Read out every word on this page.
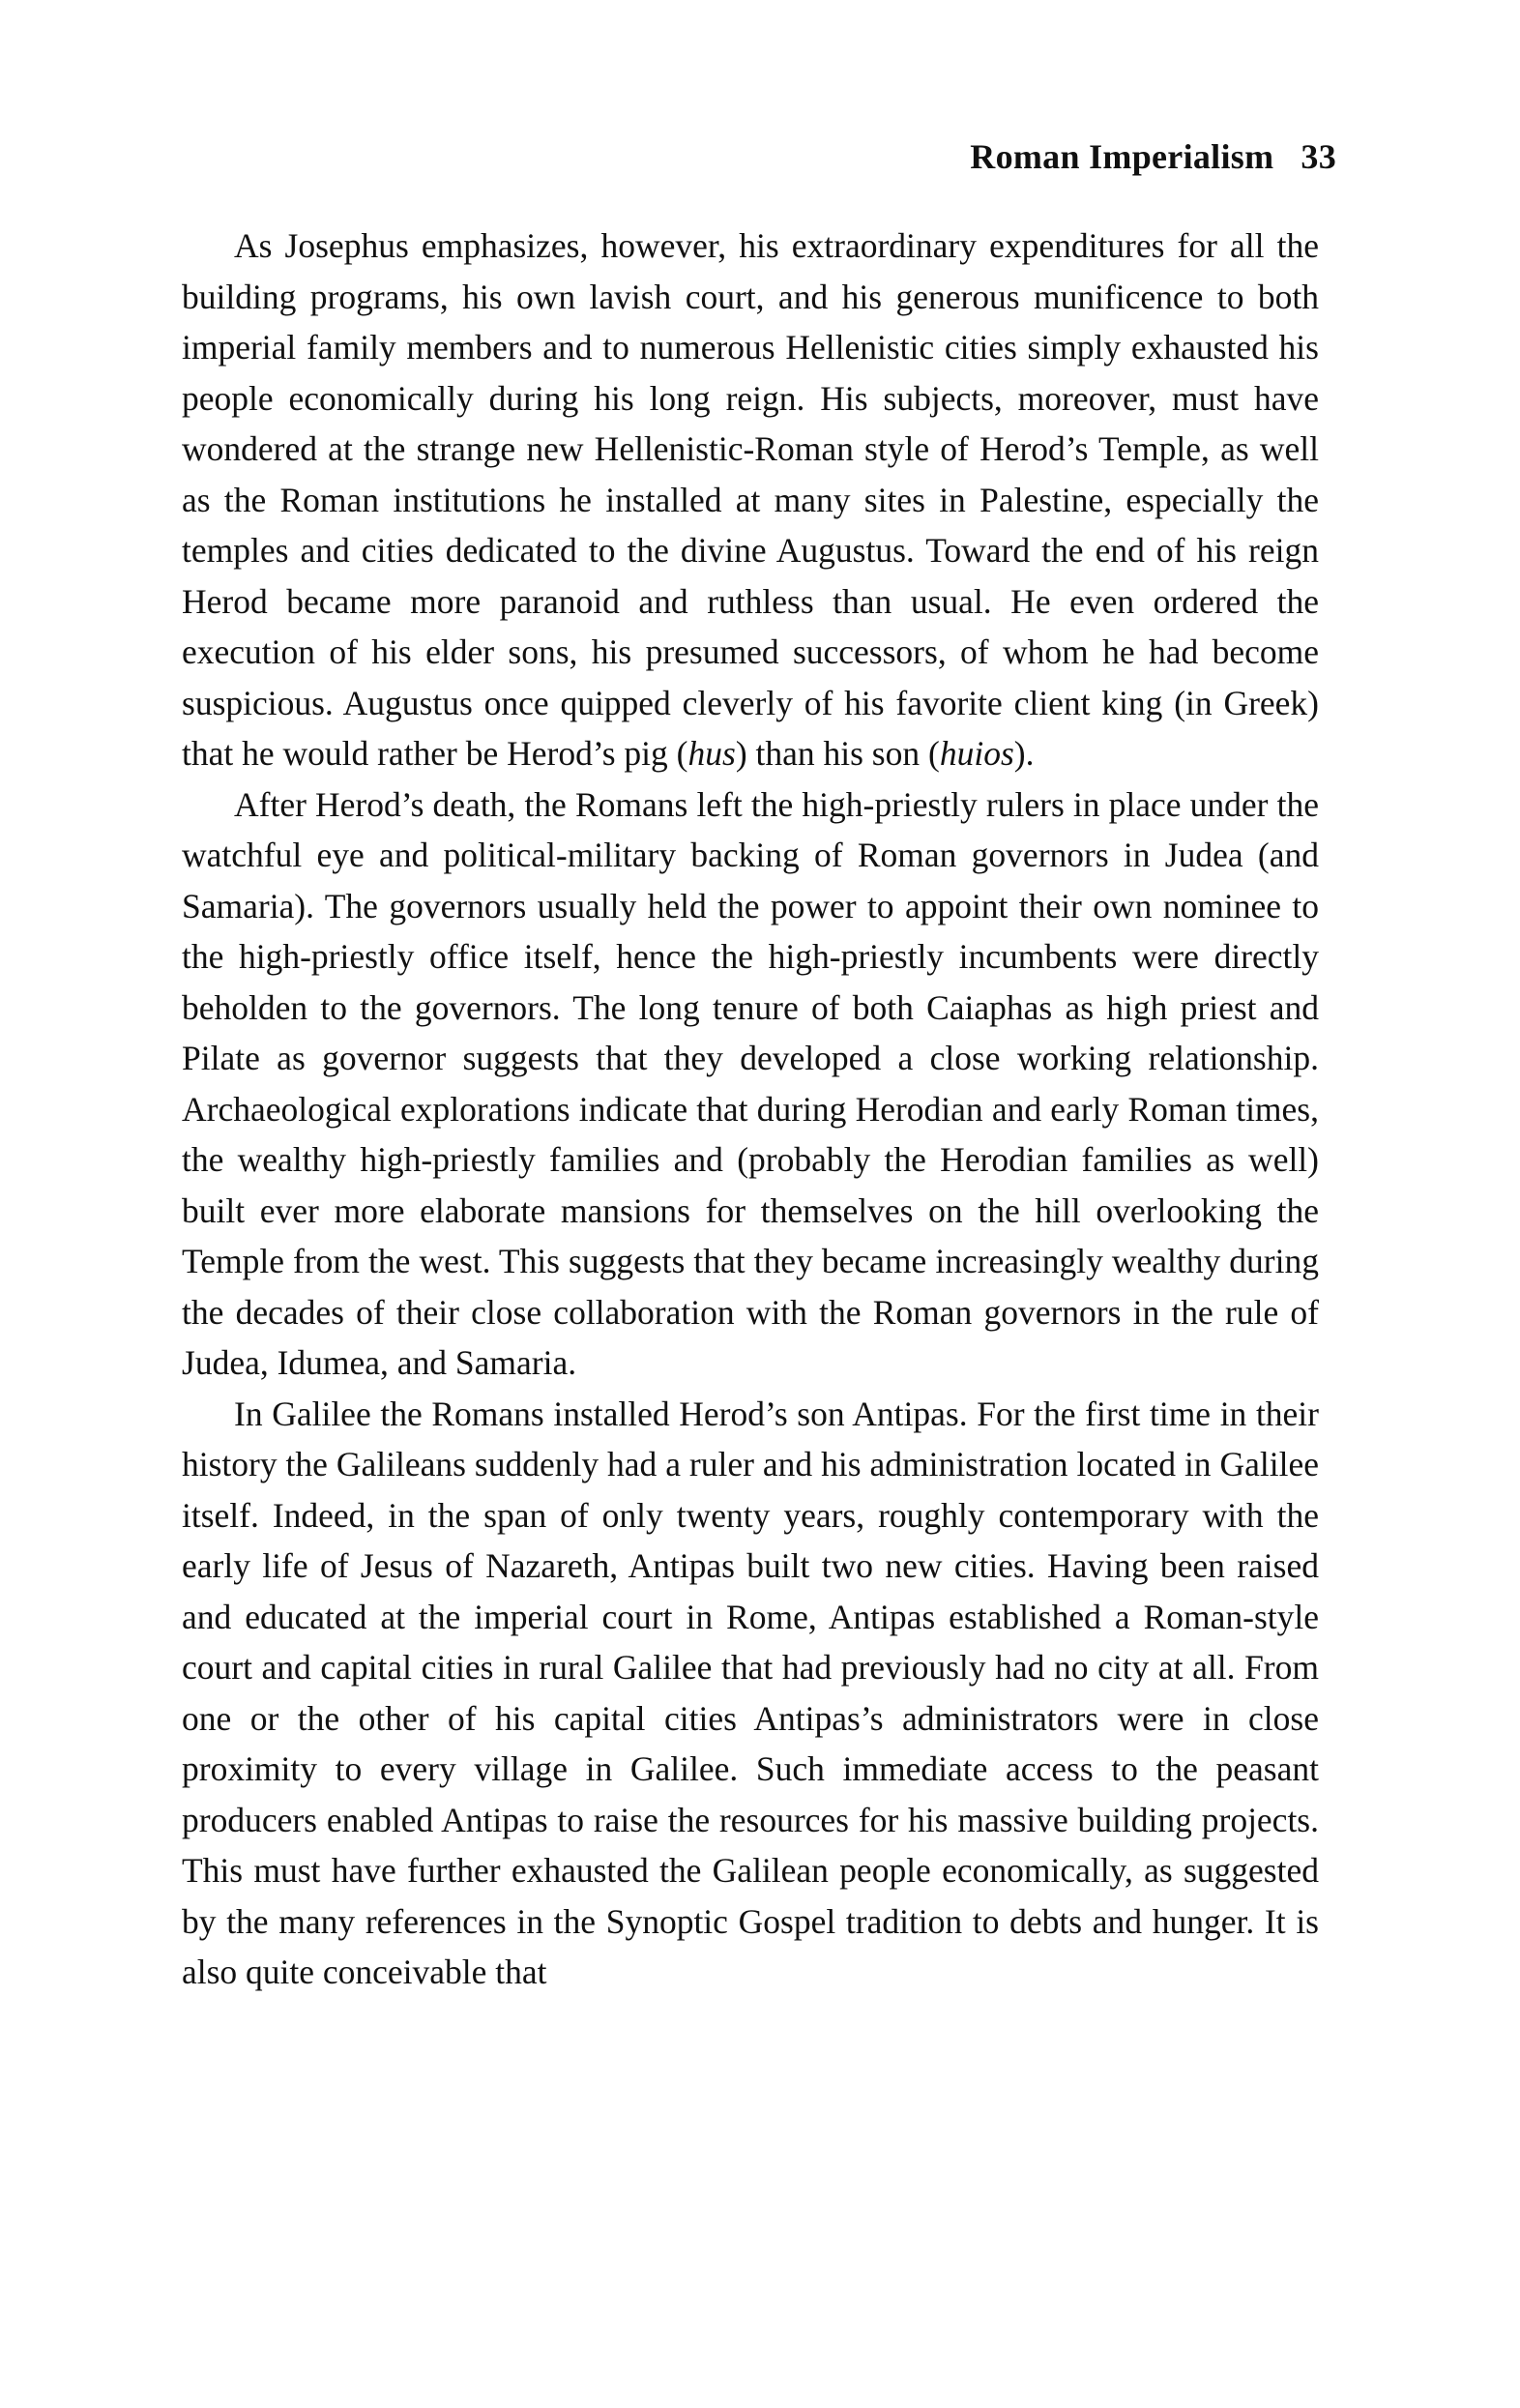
Roman Imperialism 33

As Josephus emphasizes, however, his extraordinary expenditures for all the building programs, his own lavish court, and his generous munificence to both imperial family members and to numerous Hellenistic cities simply exhausted his people economically during his long reign. His subjects, moreover, must have wondered at the strange new Hellenistic-Roman style of Herod’s Temple, as well as the Roman institutions he installed at many sites in Palestine, especially the temples and cities dedicated to the divine Augustus. Toward the end of his reign Herod became more paranoid and ruthless than usual. He even ordered the execution of his elder sons, his presumed successors, of whom he had become suspicious. Augustus once quipped cleverly of his favorite client king (in Greek) that he would rather be Herod’s pig (hus) than his son (huios).

After Herod’s death, the Romans left the high-priestly rulers in place under the watchful eye and political-military backing of Roman governors in Judea (and Samaria). The governors usually held the power to appoint their own nominee to the high-priestly office itself, hence the high-priestly incumbents were directly beholden to the governors. The long tenure of both Caiaphas as high priest and Pilate as governor suggests that they developed a close working relationship. Archaeological explorations indicate that during Herodian and early Roman times, the wealthy high-priestly families and (probably the Herodian families as well) built ever more elaborate mansions for themselves on the hill overlooking the Temple from the west. This suggests that they became increasingly wealthy during the decades of their close collaboration with the Roman governors in the rule of Judea, Idumea, and Samaria.

In Galilee the Romans installed Herod’s son Antipas. For the first time in their history the Galileans suddenly had a ruler and his administration located in Galilee itself. Indeed, in the span of only twenty years, roughly contemporary with the early life of Jesus of Nazareth, Antipas built two new cities. Having been raised and educated at the imperial court in Rome, Antipas established a Roman-style court and capital cities in rural Galilee that had previously had no city at all. From one or the other of his capital cities Antipas’s administrators were in close proximity to every village in Galilee. Such immediate access to the peasant producers enabled Antipas to raise the resources for his massive building projects. This must have further exhausted the Galilean people economically, as suggested by the many references in the Synoptic Gospel tradition to debts and hunger. It is also quite conceivable that
